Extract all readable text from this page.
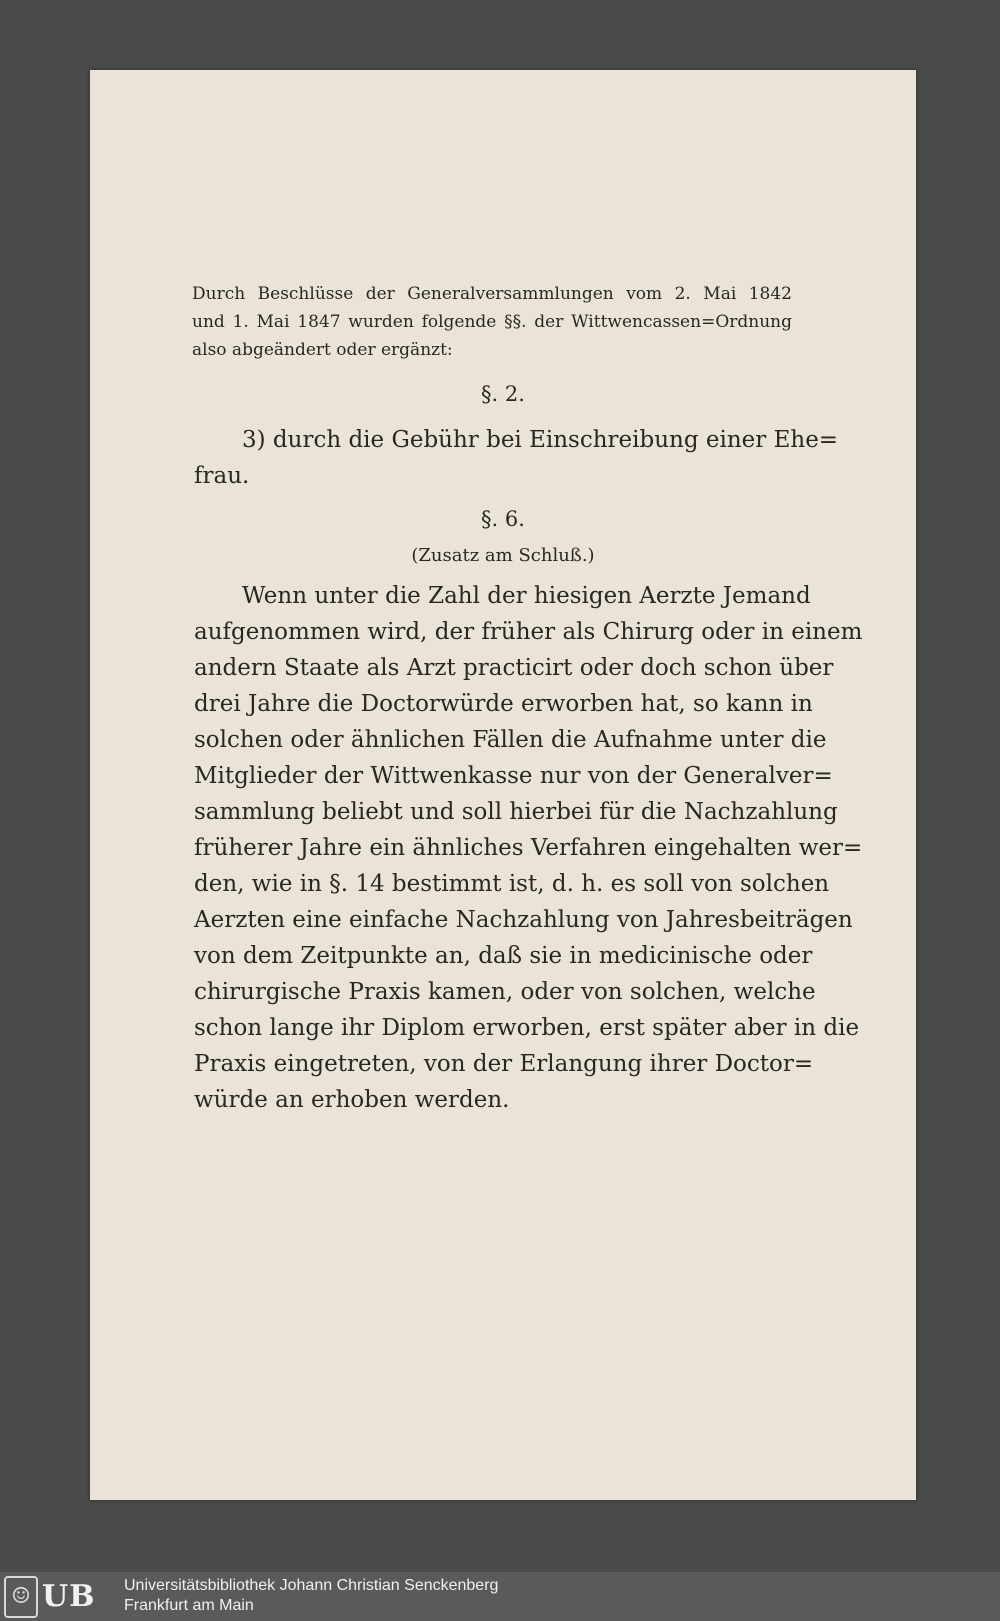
Durch Beschlüsse der Generalversammlungen vom 2. Mai 1842
und 1. Mai 1847 wurden folgende §§. der Wittwencassen=Ordnung
also abgeändert oder ergänzt:
§. 2.
3) durch die Gebühr bei Einschreibung einer Ehe=
frau.
§. 6.
(Zusatz am Schluß.)
Wenn unter die Zahl der hiesigen Aerzte Jemand
aufgenommen wird, der früher als Chirurg oder in einem
andern Staate als Arzt practicirt oder doch schon über
drei Jahre die Doctorwürde erworben hat, so kann in
solchen oder ähnlichen Fällen die Aufnahme unter die
Mitglieder der Wittwenkasse nur von der Generalver=
sammlung beliebt und soll hierbei für die Nachzahlung
früherer Jahre ein ähnliches Verfahren eingehalten wer=
den, wie in §. 14 bestimmt ist, d. h. es soll von solchen
Aerzten eine einfache Nachzahlung von Jahresbeiträgen
von dem Zeitpunkte an, daß sie in medicinische oder
chirurgische Praxis kamen, oder von solchen, welche
schon lange ihr Diplom erworben, erst später aber in die
Praxis eingetreten, von der Erlangung ihrer Doctor=
würde an erhoben werden.
☺ UB Universitätsbibliothek Johann Christian Senckenberg
Frankfurt am Main
